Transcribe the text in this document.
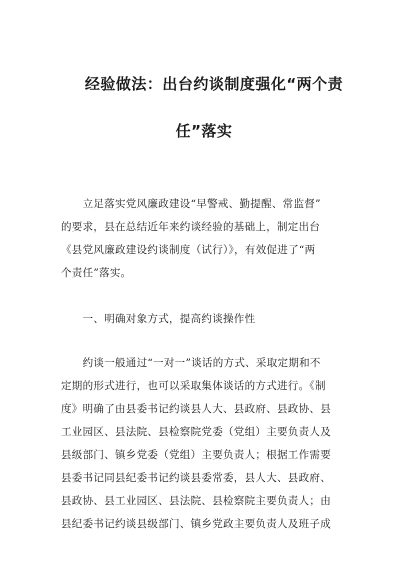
经验做法：出台约谈制度强化“两个责
任”落实
　　立足落实党风廉政建设“早警戒、勤提醒、常监督”
的要求，县在总结近年来约谈经验的基础上，制定出台
《县党风廉政建设约谈制度（试行）》，有效促进了“两
个责任”落实。
　　一、明确对象方式，提高约谈操作性
　　约谈一般通过“一对一”谈话的方式、采取定期和不
定期的形式进行，也可以采取集体谈话的方式进行。《制
度》明确了由县委书记约谈县人大、县政府、县政协、县
工业园区、县法院、县检察院党委（党组）主要负责人及
县级部门、镇乡党委（党组）主要负责人；根据工作需要
县委书记同县纪委书记约谈县委常委，县人大、县政府、
县政协、县工业园区、县法院、县检察院主要负责人；由
县纪委书记约谈县级部门、镇乡党政主要负责人及班子成
